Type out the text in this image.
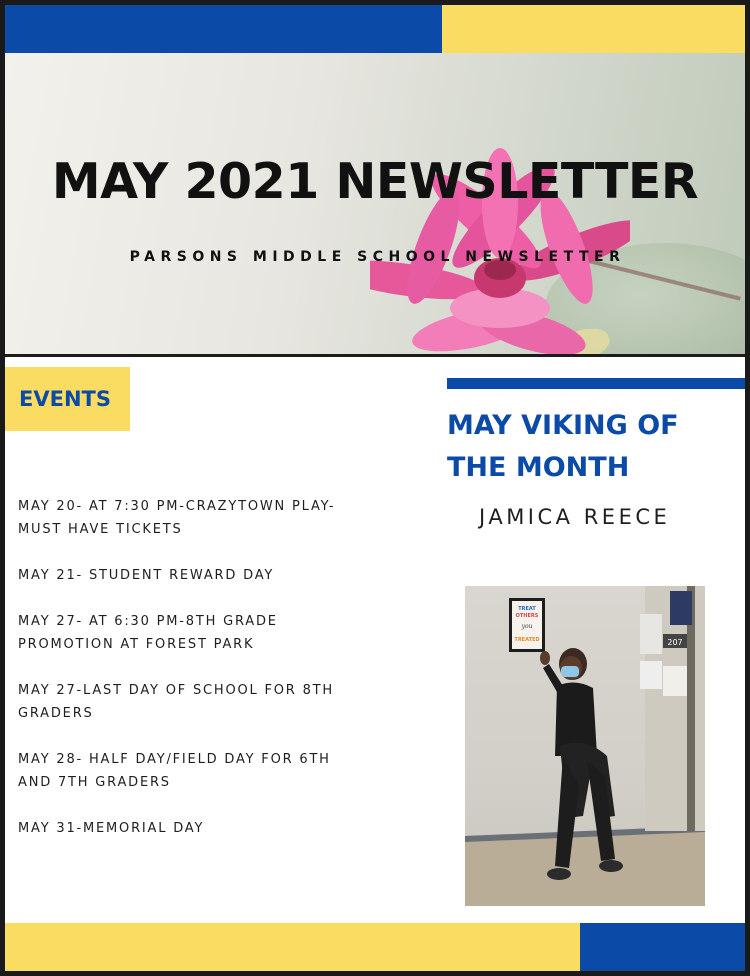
MAY 2021 NEWSLETTER
PARSONS MIDDLE SCHOOL NEWSLETTER
EVENTS
MAY 20- AT 7:30 PM-CRAZYTOWN PLAY- MUST HAVE TICKETS
MAY 21- STUDENT REWARD DAY
MAY 27- AT 6:30 PM-8TH GRADE PROMOTION AT FOREST PARK
MAY 27-LAST DAY OF SCHOOL FOR 8TH GRADERS
MAY 28- HALF DAY/FIELD DAY FOR 6TH AND 7TH GRADERS
MAY 31-MEMORIAL DAY
MAY VIKING OF THE MONTH
JAMICA REECE
207
TREAT
OTHERS
you
TREATED
